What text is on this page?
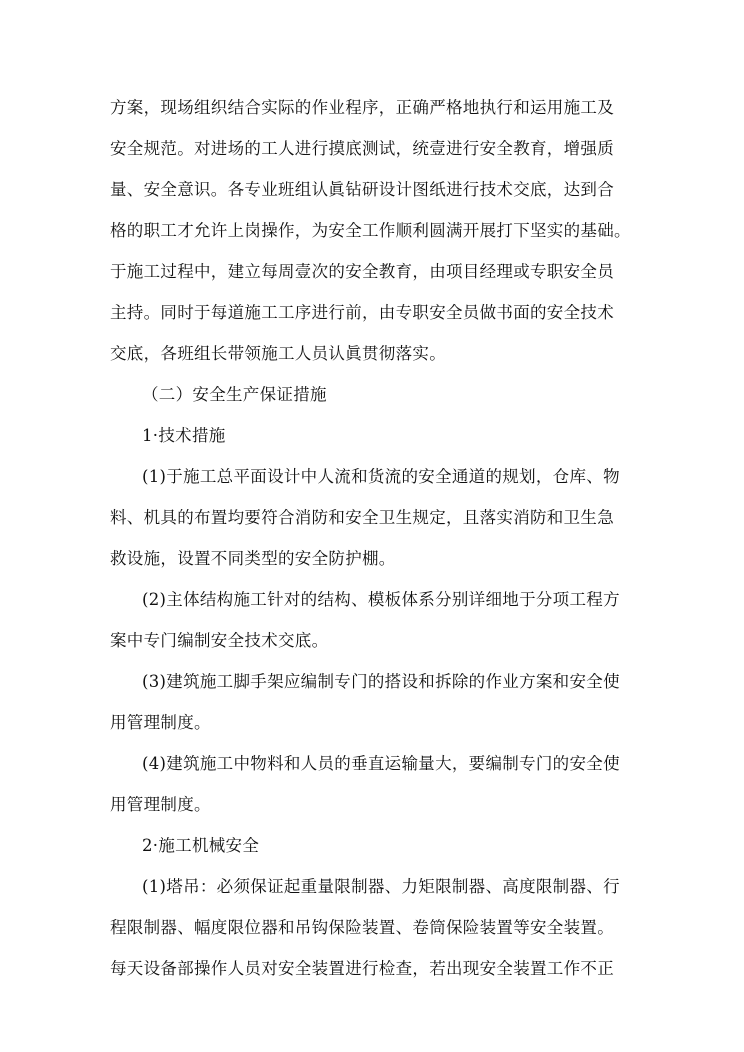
方案，现场组织结合实际的作业程序，正确严格地执行和运用施工及
安全规范。对进场的工人进行摸底测试，统壹进行安全教育，增强质
量、安全意识。各专业班组认眞钻研设计图纸进行技术交底，达到合
格的职工才允许上岗操作，为安全工作顺利圆满开展打下坚实的基础。
于施工过程中，建立每周壹次的安全教育，由项目经理或专职安全员
主持。同时于每道施工工序进行前，由专职安全员做书面的安全技术
交底，各班组长带领施工人员认眞贯彻落实。
（二）安全生产保证措施
1·技术措施
(1)于施工总平面设计中人流和货流的安全通道的规划，仓库、物
料、机具的布置均要符合消防和安全卫生规定，且落实消防和卫生急
救设施，设置不同类型的安全防护棚。
(2)主体结构施工针对的结构、模板体系分别详细地于分项工程方
案中专门编制安全技术交底。
(3)建筑施工脚手架应编制专门的搭设和拆除的作业方案和安全使
用管理制度。
(4)建筑施工中物料和人员的垂直运输量大，要编制专门的安全使
用管理制度。
2·施工机械安全
(1)塔吊：必须保证起重量限制器、力矩限制器、高度限制器、行
程限制器、幅度限位器和吊钩保险装置、卷筒保险装置等安全装置。
每天设备部操作人员对安全装置进行检查，若出现安全装置工作不正
